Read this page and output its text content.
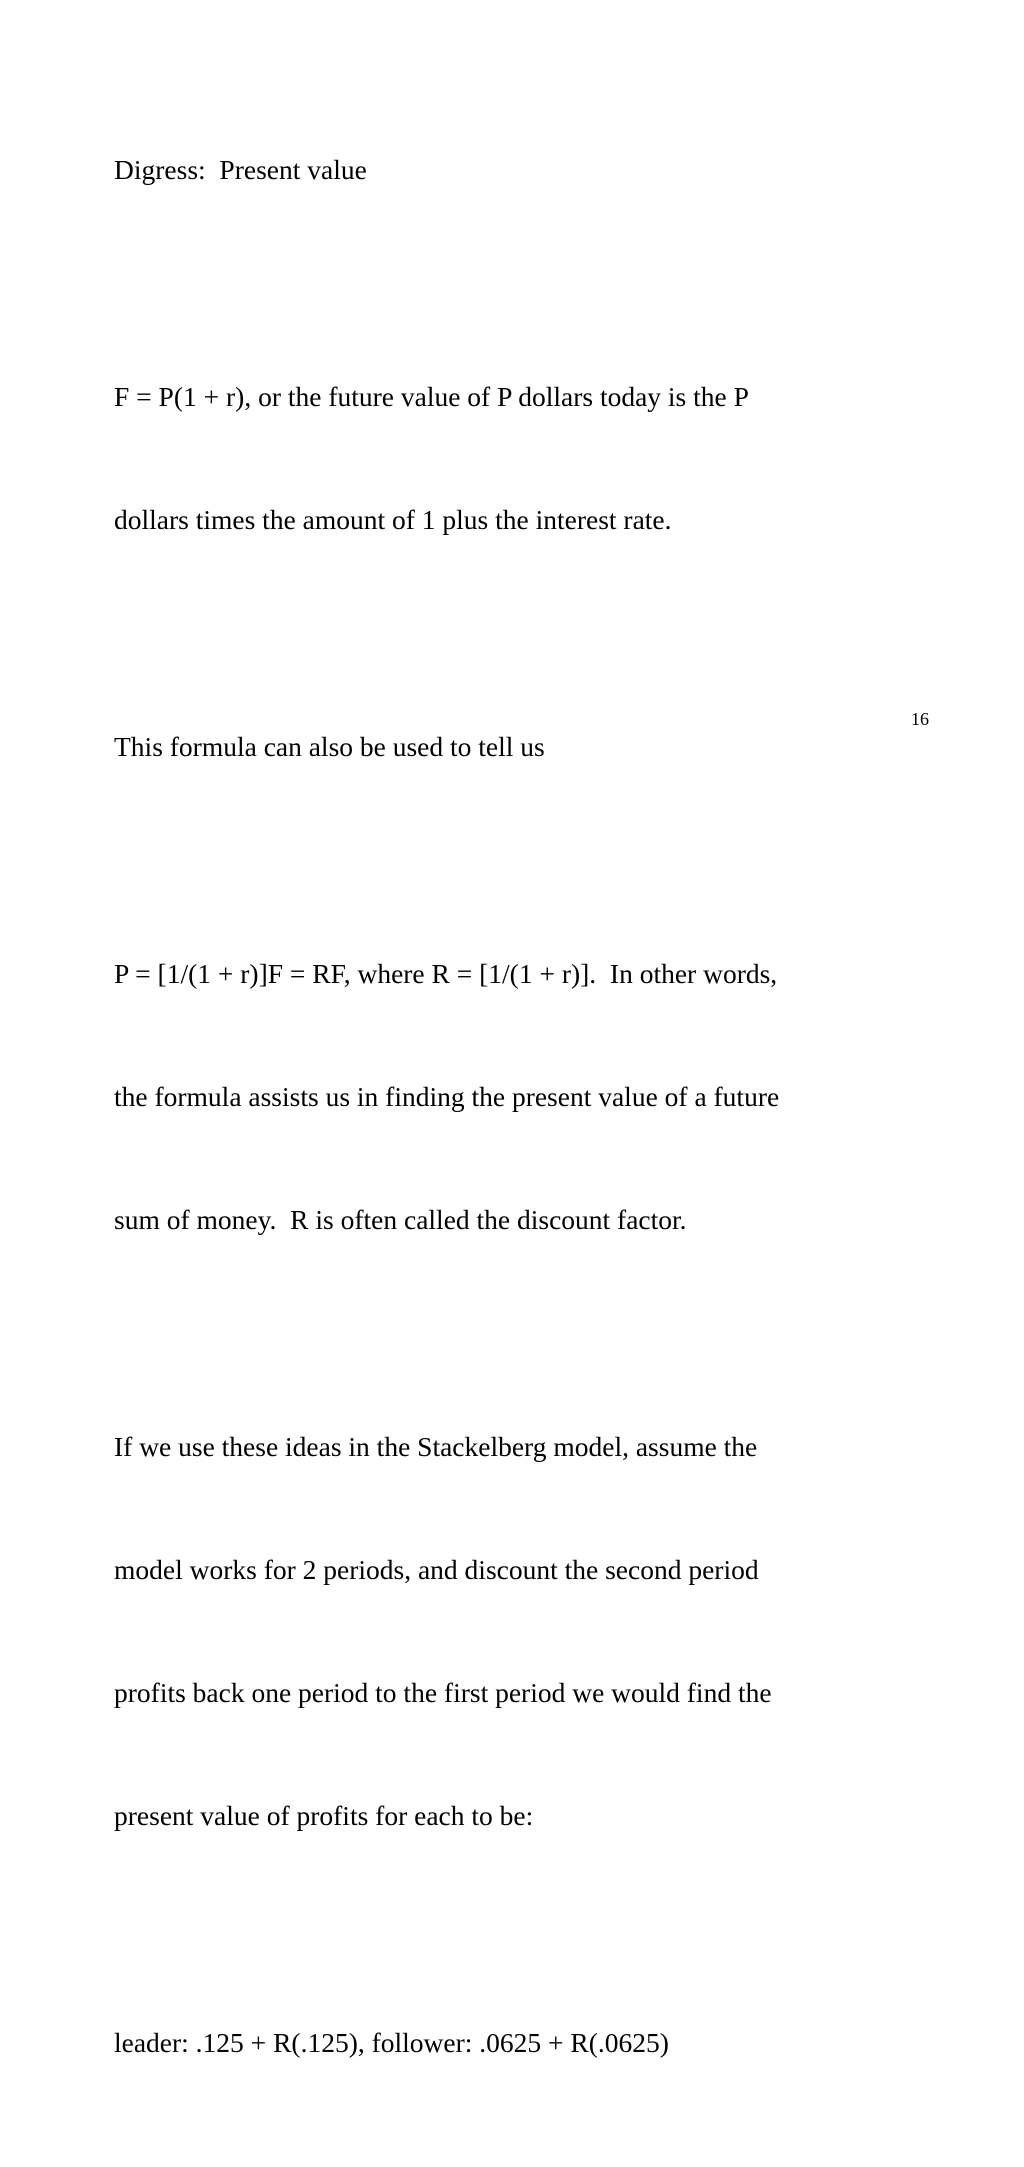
Digress:  Present value

F = P(1 + r), or the future value of P dollars today is the P

dollars times the amount of 1 plus the interest rate.

This formula can also be used to tell us

P = [1/(1 + r)]F = RF, where R = [1/(1 + r)].  In other words,

the formula assists us in finding the present value of a future

sum of money.  R is often called the discount factor.

If we use these ideas in the Stackelberg model, assume the

model works for 2 periods, and discount the second period

profits back one period to the first period we would find the

present value of profits for each to be:

leader: .125 + R(.125), follower: .0625 + R(.0625)

16
